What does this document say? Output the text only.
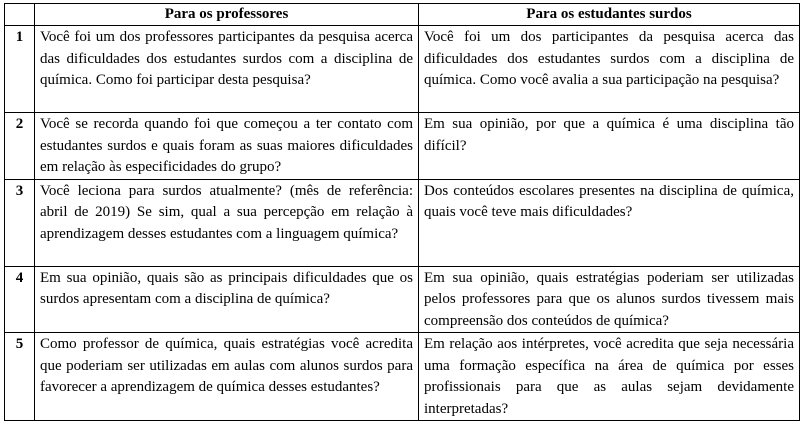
	Para os professores	Para os estudantes surdos
1	Você foi um dos professores participantes da pesquisa acerca das dificuldades dos estudantes surdos com a disciplina de química. Como foi participar desta pesquisa?	Você foi um dos participantes da pesquisa acerca das dificuldades dos estudantes surdos com a disciplina de química. Como você avalia a sua participação na pesquisa?
2	Você se recorda quando foi que começou a ter contato com estudantes surdos e quais foram as suas maiores dificuldades em relação às especificidades do grupo?	Em sua opinião, por que a química é uma disciplina tão difícil?
3	Você leciona para surdos atualmente? (mês de referência: abril de 2019) Se sim, qual a sua percepção em relação à aprendizagem desses estudantes com a linguagem química?	Dos conteúdos escolares presentes na disciplina de química, quais você teve mais dificuldades?
4	Em sua opinião, quais são as principais dificuldades que os surdos apresentam com a disciplina de química?	Em sua opinião, quais estratégias poderiam ser utilizadas pelos professores para que os alunos surdos tivessem mais compreensão dos conteúdos de química?
5	Como professor de química, quais estratégias você acredita que poderiam ser utilizadas em aulas com alunos surdos para favorecer a aprendizagem de química desses estudantes?	Em relação aos intérpretes, você acredita que seja necessária uma formação específica na área de química por esses profissionais para que as aulas sejam devidamente interpretadas?
